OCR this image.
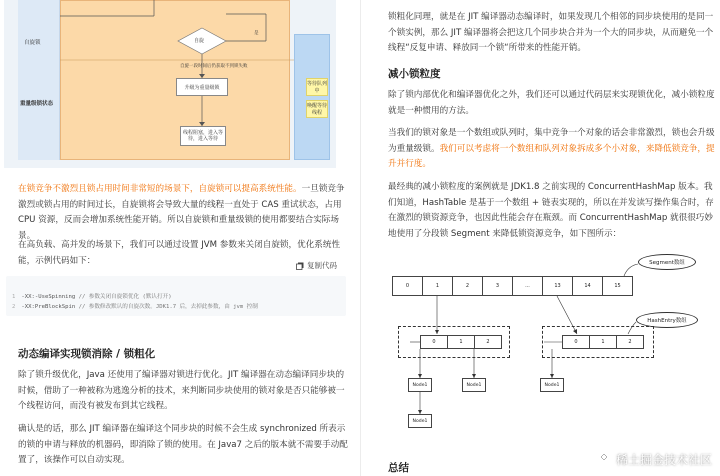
自旋锁
重量级锁状态
自旋
自旋一段时间后仍获取不到锁失败
升级为重量级锁
线程阻塞，进入等待，进入等待
是
等待队列中
唤醒等待线程
在锁竞争不激烈且锁占用时间非常短的场景下，自旋锁可以提高系统性能。一旦锁竞争激烈或锁占用的时间过长，自旋锁将会导致大量的线程一直处于 CAS 重试状态，占用 CPU 资源，反而会增加系统性能开销。所以自旋锁和重量级锁的使用都要结合实际场景。
在高负载、高并发的场景下，我们可以通过设置 JVM 参数来关闭自旋锁，优化系统性能，示例代码如下：	复制代码
1 -XX:-UseSpinning // 参数关闭自旋锁优化 (默认打开)
2 -XX:PreBlockSpin // 参数修改默认的自旋次数。JDK1.7 后，去掉此参数，由 jvm 控制
动态编译实现锁消除 / 锁粗化
除了锁升级优化，Java 还使用了编译器对锁进行优化。JIT 编译器在动态编译同步块的时候，借助了一种被称为逃逸分析的技术，来判断同步块使用的锁对象是否只能够被一个线程访问，而没有被发布到其它线程。
确认是的话，那么 JIT 编译器在编译这个同步块的时候不会生成 synchronized 所表示的锁的申请与释放的机器码，即消除了锁的使用。在 Java7 之后的版本就不需要手动配置了，该操作可以自动实现。
锁粗化同理，就是在 JIT 编译器动态编译时，如果发现几个相邻的同步块使用的是同一个锁实例，那么 JIT 编译器将会把这几个同步块合并为一个大的同步块，从而避免一个线程“反复申请、释放同一个锁“所带来的性能开销。
减小锁粒度
除了锁内部优化和编译器优化之外，我们还可以通过代码层来实现锁优化，减小锁粒度就是一种惯用的方法。
当我们的锁对象是一个数组或队列时，集中竞争一个对象的话会非常激烈，锁也会升级为重量级锁。我们可以考虑将一个数组和队列对象拆成多个小对象，来降低锁竞争，提升并行度。
最经典的减小锁粒度的案例就是 JDK1.8 之前实现的 ConcurrentHashMap 版本。我们知道，HashTable 是基于一个数组 + 链表实现的，所以在并发读写操作集合时，存在激烈的锁资源竞争，也因此性能会存在瓶颈。而 ConcurrentHashMap 就很很巧妙地使用了分段锁 Segment 来降低锁资源竞争，如下图所示：
Segment数组
HashEntry数组
0	1	2	3	...	13	14	15
0	1	2	0	1	2
Node1	Node1	Node1
Node1
总结
稀土掘金技术社区
